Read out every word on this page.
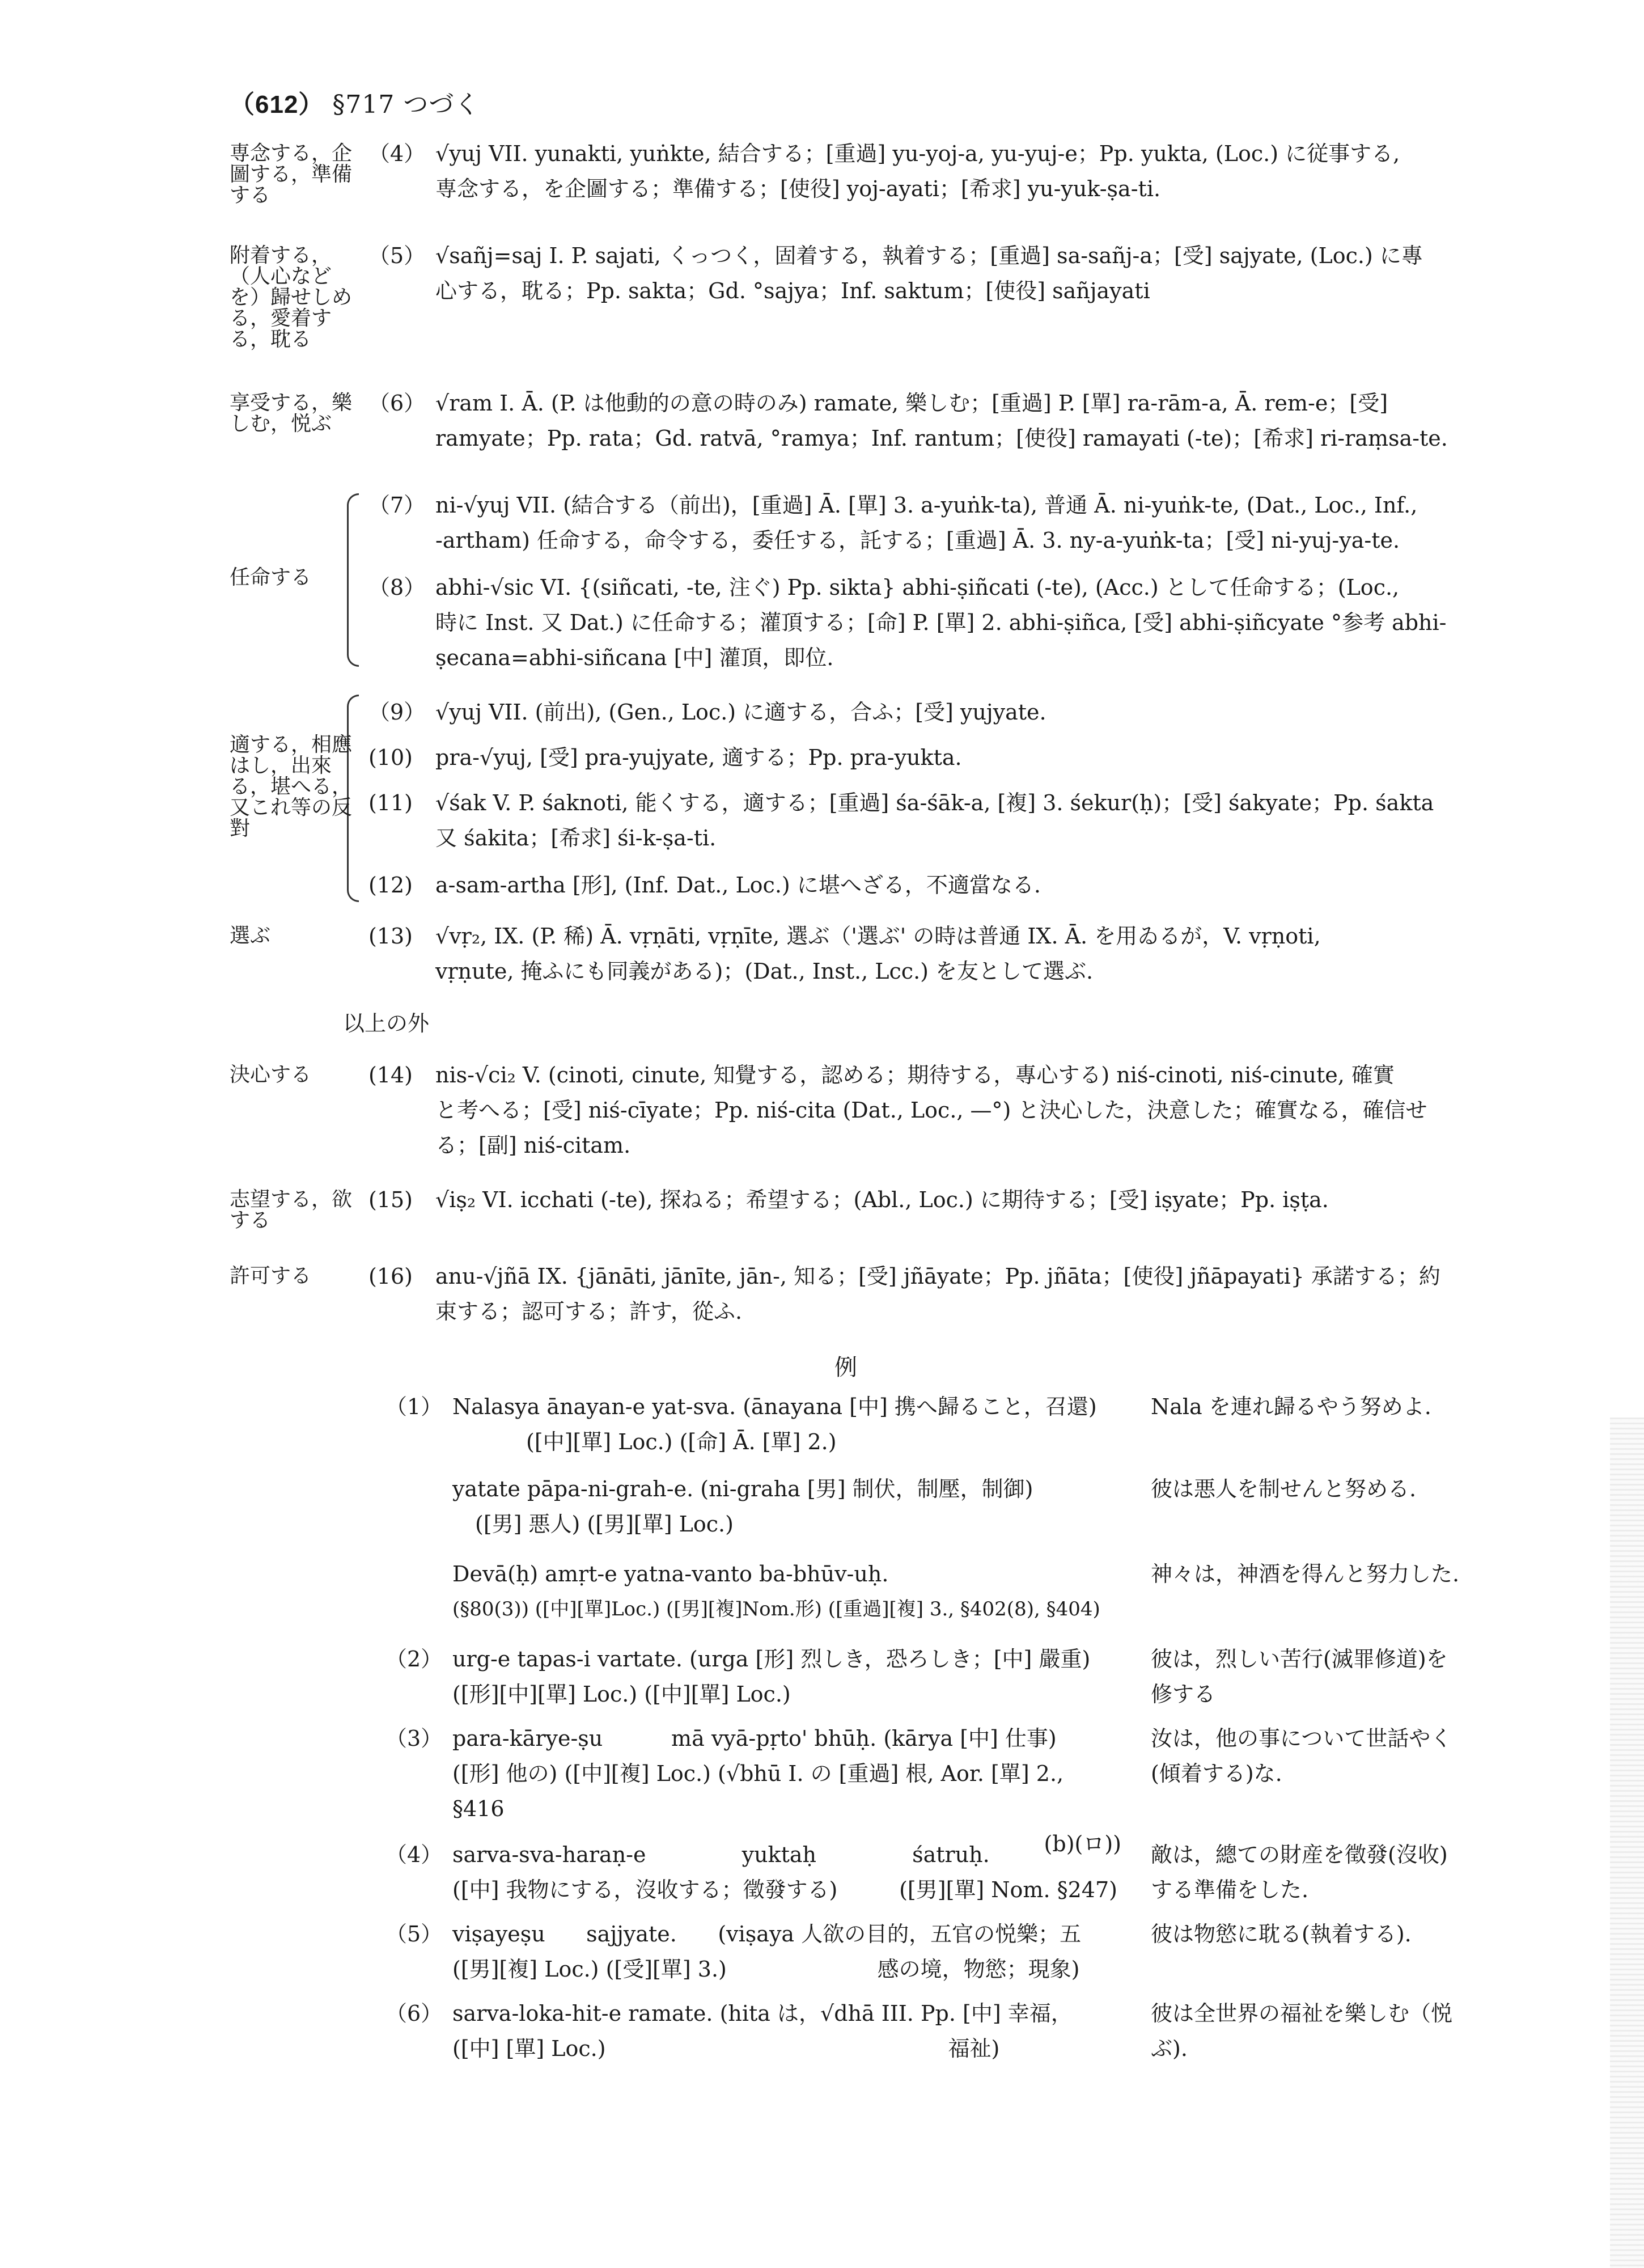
（612） §717 つづく
専念する，企圖する，準備する
（4） √yuj VII. yunakti, yuṅkte, 結合する；[重過] yu-yoj-a, yu-yuj-e；Pp. yukta, (Loc.) に従事する,
専念する，を企圖する；準備する；[使役] yoj-ayati；[希求] yu-yuk-ṣa-ti.
附着する，（人心などを）歸せしめる，愛着する，耽る
（5） √sañj=saj I. P. sajati, くっつく，固着する，執着する；[重過] sa-sañj-a；[受] sajyate, (Loc.) に專
心する，耽る；Pp. sakta；Gd. °sajya；Inf. saktum；[使役] sañjayati
享受する，樂しむ，悦ぶ
（6） √ram I. Ā. (P. は他動的の意の時のみ) ramate, 樂しむ；[重過] P. [單] ra-rām-a, Ā. rem-e；[受]
ramyate；Pp. rata；Gd. ratvā, °ramya；Inf. rantum；[使役] ramayati (-te)；[希求] ri-raṃsa-te.
任命する
（7） ni-√yuj VII. (結合する（前出)，[重過] Ā. [單] 3. a-yuṅk-ta), 普通 Ā. ni-yuṅk-te, (Dat., Loc., Inf.,
-artham) 任命する，命令する，委任する，託する；[重過] Ā. 3. ny-a-yuṅk-ta；[受] ni-yuj-ya-te.
（8） abhi-√sic VI. {(siñcati, -te, 注ぐ) Pp. sikta} abhi-ṣiñcati (-te), (Acc.) として任命する；(Loc.,
時に Inst. 又 Dat.) に任命する；灌頂する；[命] P. [單] 2. abhi-ṣiñca, [受] abhi-ṣiñcyate °参考 abhi-
ṣecana=abhi-siñcana [中] 灌頂，即位.
適する，相應はし，出來る，堪へる，又これ等の反對
（9） √yuj VII. (前出), (Gen., Loc.) に適する，合ふ；[受] yujyate.
(10)	pra-√yuj, [受] pra-yujyate, 適する；Pp. pra-yukta.
(11)	√śak V. P. śaknoti, 能くする，適する；[重過] śa-śāk-a, [複] 3. śekur(ḥ)；[受] śakyate；Pp. śakta
又 śakita；[希求] śi-k-ṣa-ti.
(12)	a-sam-artha [形], (Inf. Dat., Loc.) に堪へざる，不適當なる.
選ぶ	(13)	√vṛ₂, IX. (P. 稀) Ā. vṛṇāti, vṛṇīte, 選ぶ（'選ぶ' の時は普通 IX. Ā. を用ゐるが，V. vṛṇoti,
vṛṇute, 掩ふにも同義がある)；(Dat., Inst., Lcc.) を友として選ぶ.
以上の外
決心する	(14)	nis-√ci₂ V. (cinoti, cinute, 知覺する，認める；期待する，專心する) niś-cinoti, niś-cinute, 確實
と考へる；[受] niś-cīyate；Pp. niś-cita (Dat., Loc., —°) と決心した，決意した；確實なる，確信せ
る；[副] niś-citam.
志望する，欲する
(15)	√iṣ₂ VI. icchati (-te), 探ねる；希望する；(Abl., Loc.) に期待する；[受] iṣyate；Pp. iṣṭa.
許可する	(16)	anu-√jñā IX. {jānāti, jānīte, jān-, 知る；[受] jñāyate；Pp. jñāta；[使役] jñāpayati} 承諾する；約
束する；認可する；許す，從ふ.
例
（1） Nalasya ānayan-e yat-sva. (ānayana [中] 携へ歸ること，召還)
([中][單] Loc.) ([命] Ā. [單] 2.)
Nala を連れ歸るやう努めよ.
yatate pāpa-ni-grah-e. (ni-graha [男] 制伏，制壓，制御)
([男] 悪人) ([男][單] Loc.)
彼は悪人を制せんと努める.
Devā(ḥ) amṛt-e yatna-vanto ba-bhūv-uḥ.
(§80(3)) ([中][單]Loc.) ([男][複]Nom.形) ([重過][複] 3., §402(8), §404)
神々は，神酒を得んと努力した.
（2） urg-e tapas-i vartate. (urga [形] 烈しき，恐ろしき；[中] 嚴重)
([形][中][單] Loc.) ([中][單] Loc.)
彼は，烈しい苦行(滅罪修道)を
修する
（3） para-kārye-ṣu          mā vyā-pṛto' bhūḥ. (kārya [中] 仕事)
([形] 他の) ([中][複] Loc.) (√bhū I. の [重過] 根, Aor. [單] 2., §416
(b)(ロ))
汝は，他の事について世話やく
(傾着する)な.
（4） sarva-sva-haraṇ-e              yuktaḥ              śatruḥ.
([中] 我物にする，沒收する；徵發する)         ([男][單] Nom. §247)
敵は，總ての財産を徵發(沒收)
する準備をした.
（5） viṣayeṣu      sajjyate.      (viṣaya 人欲の目的，五官の悦樂；五
([男][複] Loc.) ([受][單] 3.)                      感の境，物慾；現象)
彼は物慾に耽る(執着する).
（6） sarva-loka-hit-e ramate. (hita は，√dhā III. Pp. [中] 幸福，
([中] [單] Loc.)                                                  福祉)
彼は全世界の福祉を樂しむ（悦
ぶ).
